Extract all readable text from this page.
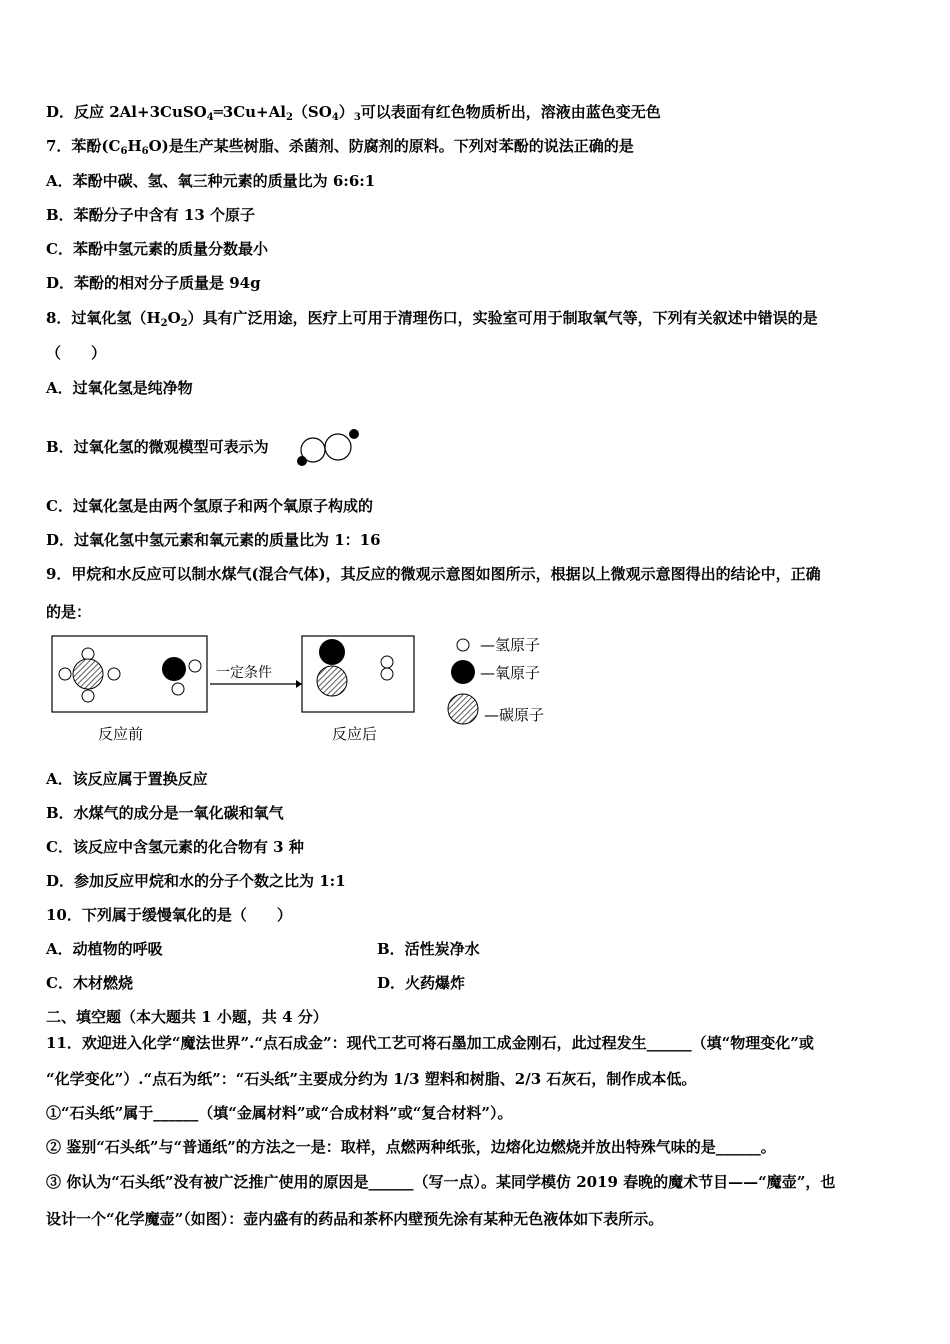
D．反应 $2Al+3CuSO_4═3Cu+Al_2(SO_4)_3$可以表面有红色物质析出，溶液由蓝色变无色
7．苯酚$(C_6H_6O)$是生产某些树脂、杀菌剂、防腐剂的原料。下列对苯酚的说法正确的是
A．苯酚中碳、氢、氧三种元素的质量比为 6:6:1
B．苯酚分子中含有 13 个原子
C．苯酚中氢元素的质量分数最小
D．苯酚的相对分子质量是 94g
8．过氧化氢$(H_2O_2)$具有广泛用途，医疗上可用于清理伤口，实验室可用于制取氧气等，下列有关叙述中错误的是
（　　）
A．过氧化氢是纯净物
B．过氧化氢的微观模型可表示为
C．过氧化氢是由两个氢原子和两个氧原子构成的
D．过氧化氢中氢元素和氧元素的质量比为 1：16
9．甲烷和水反应可以制水煤气(混合气体)，其反应的微观示意图如图所示，根据以上微观示意图得出的结论中，正确
的是：
一定条件
—氢原子
—氧原子
—碳原子
反应前	反应后
A．该反应属于置换反应
B．水煤气的成分是一氧化碳和氧气
C．该反应中含氢元素的化合物有 3 种
D．参加反应甲烷和水的分子个数之比为 1:1
10．下列属于缓慢氧化的是（　　）
A．动植物的呼吸	B．活性炭净水
C．木材燃烧	D．火药爆炸
二、填空题（本大题共 1 小题，共 4 分）
11．欢迎进入化学“魔法世界”.“点石成金”：现代工艺可将石墨加工成金刚石，此过程发生______（填“物理变化”或
“化学变化”）.“点石为纸”：“石头纸”主要成分约为 1/3 塑料和树脂、2/3 石灰石，制作成本低。
①“石头纸”属于______（填“金属材料”或“合成材料”或“复合材料”）。
② 鉴别“石头纸”与“普通纸”的方法之一是：取样，点燃两种纸张，边熔化边燃烧并放出特殊气味的是______。
③ 你认为“石头纸”没有被广泛推广使用的原因是______（写一点）。某同学模仿 2019 春晚的魔术节目——“魔壶”，也
设计一个“化学魔壶”（如图）：壶内盛有的药品和茶杯内壁预先涂有某种无色液体如下表所示。
